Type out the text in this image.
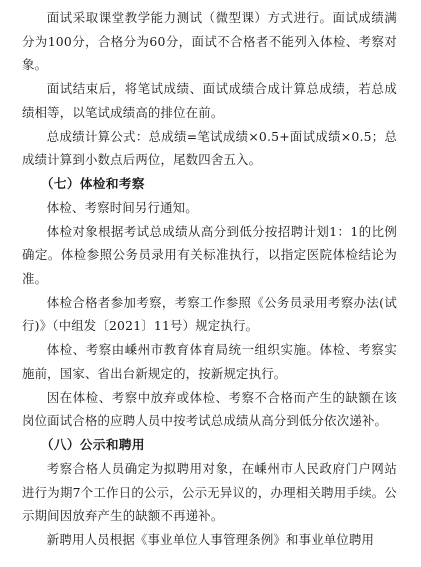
面试采取课堂教学能力测试（微型课）方式进行。面试成绩满分为100分，合格分为60分，面试不合格者不能列入体检、考察对象。

面试结束后，将笔试成绩、面试成绩合成计算总成绩，若总成绩相等，以笔试成绩高的排位在前。

总成绩计算公式：总成绩=笔试成绩×0.5+面试成绩×0.5；总成绩计算到小数点后两位，尾数四舍五入。

（七）体检和考察

体检、考察时间另行通知。

体检对象根据考试总成绩从高分到低分按招聘计划1：1的比例确定。体检参照公务员录用有关标准执行，以指定医院体检结论为准。

体检合格者参加考察，考察工作参照《公务员录用考察办法(试行)》（中组发〔2021〕11号）规定执行。

体检、考察由嵊州市教育体育局统一组织实施。体检、考察实施前，国家、省出台新规定的，按新规定执行。

因在体检、考察中放弃或体检、考察不合格而产生的缺额在该岗位面试合格的应聘人员中按考试总成绩从高分到低分依次递补。

（八）公示和聘用

考察合格人员确定为拟聘用对象，在嵊州市人民政府门户网站进行为期7个工作日的公示，公示无异议的，办理相关聘用手续。公示期间因放弃产生的缺额不再递补。

新聘用人员根据《事业单位人事管理条例》和事业单位聘用
